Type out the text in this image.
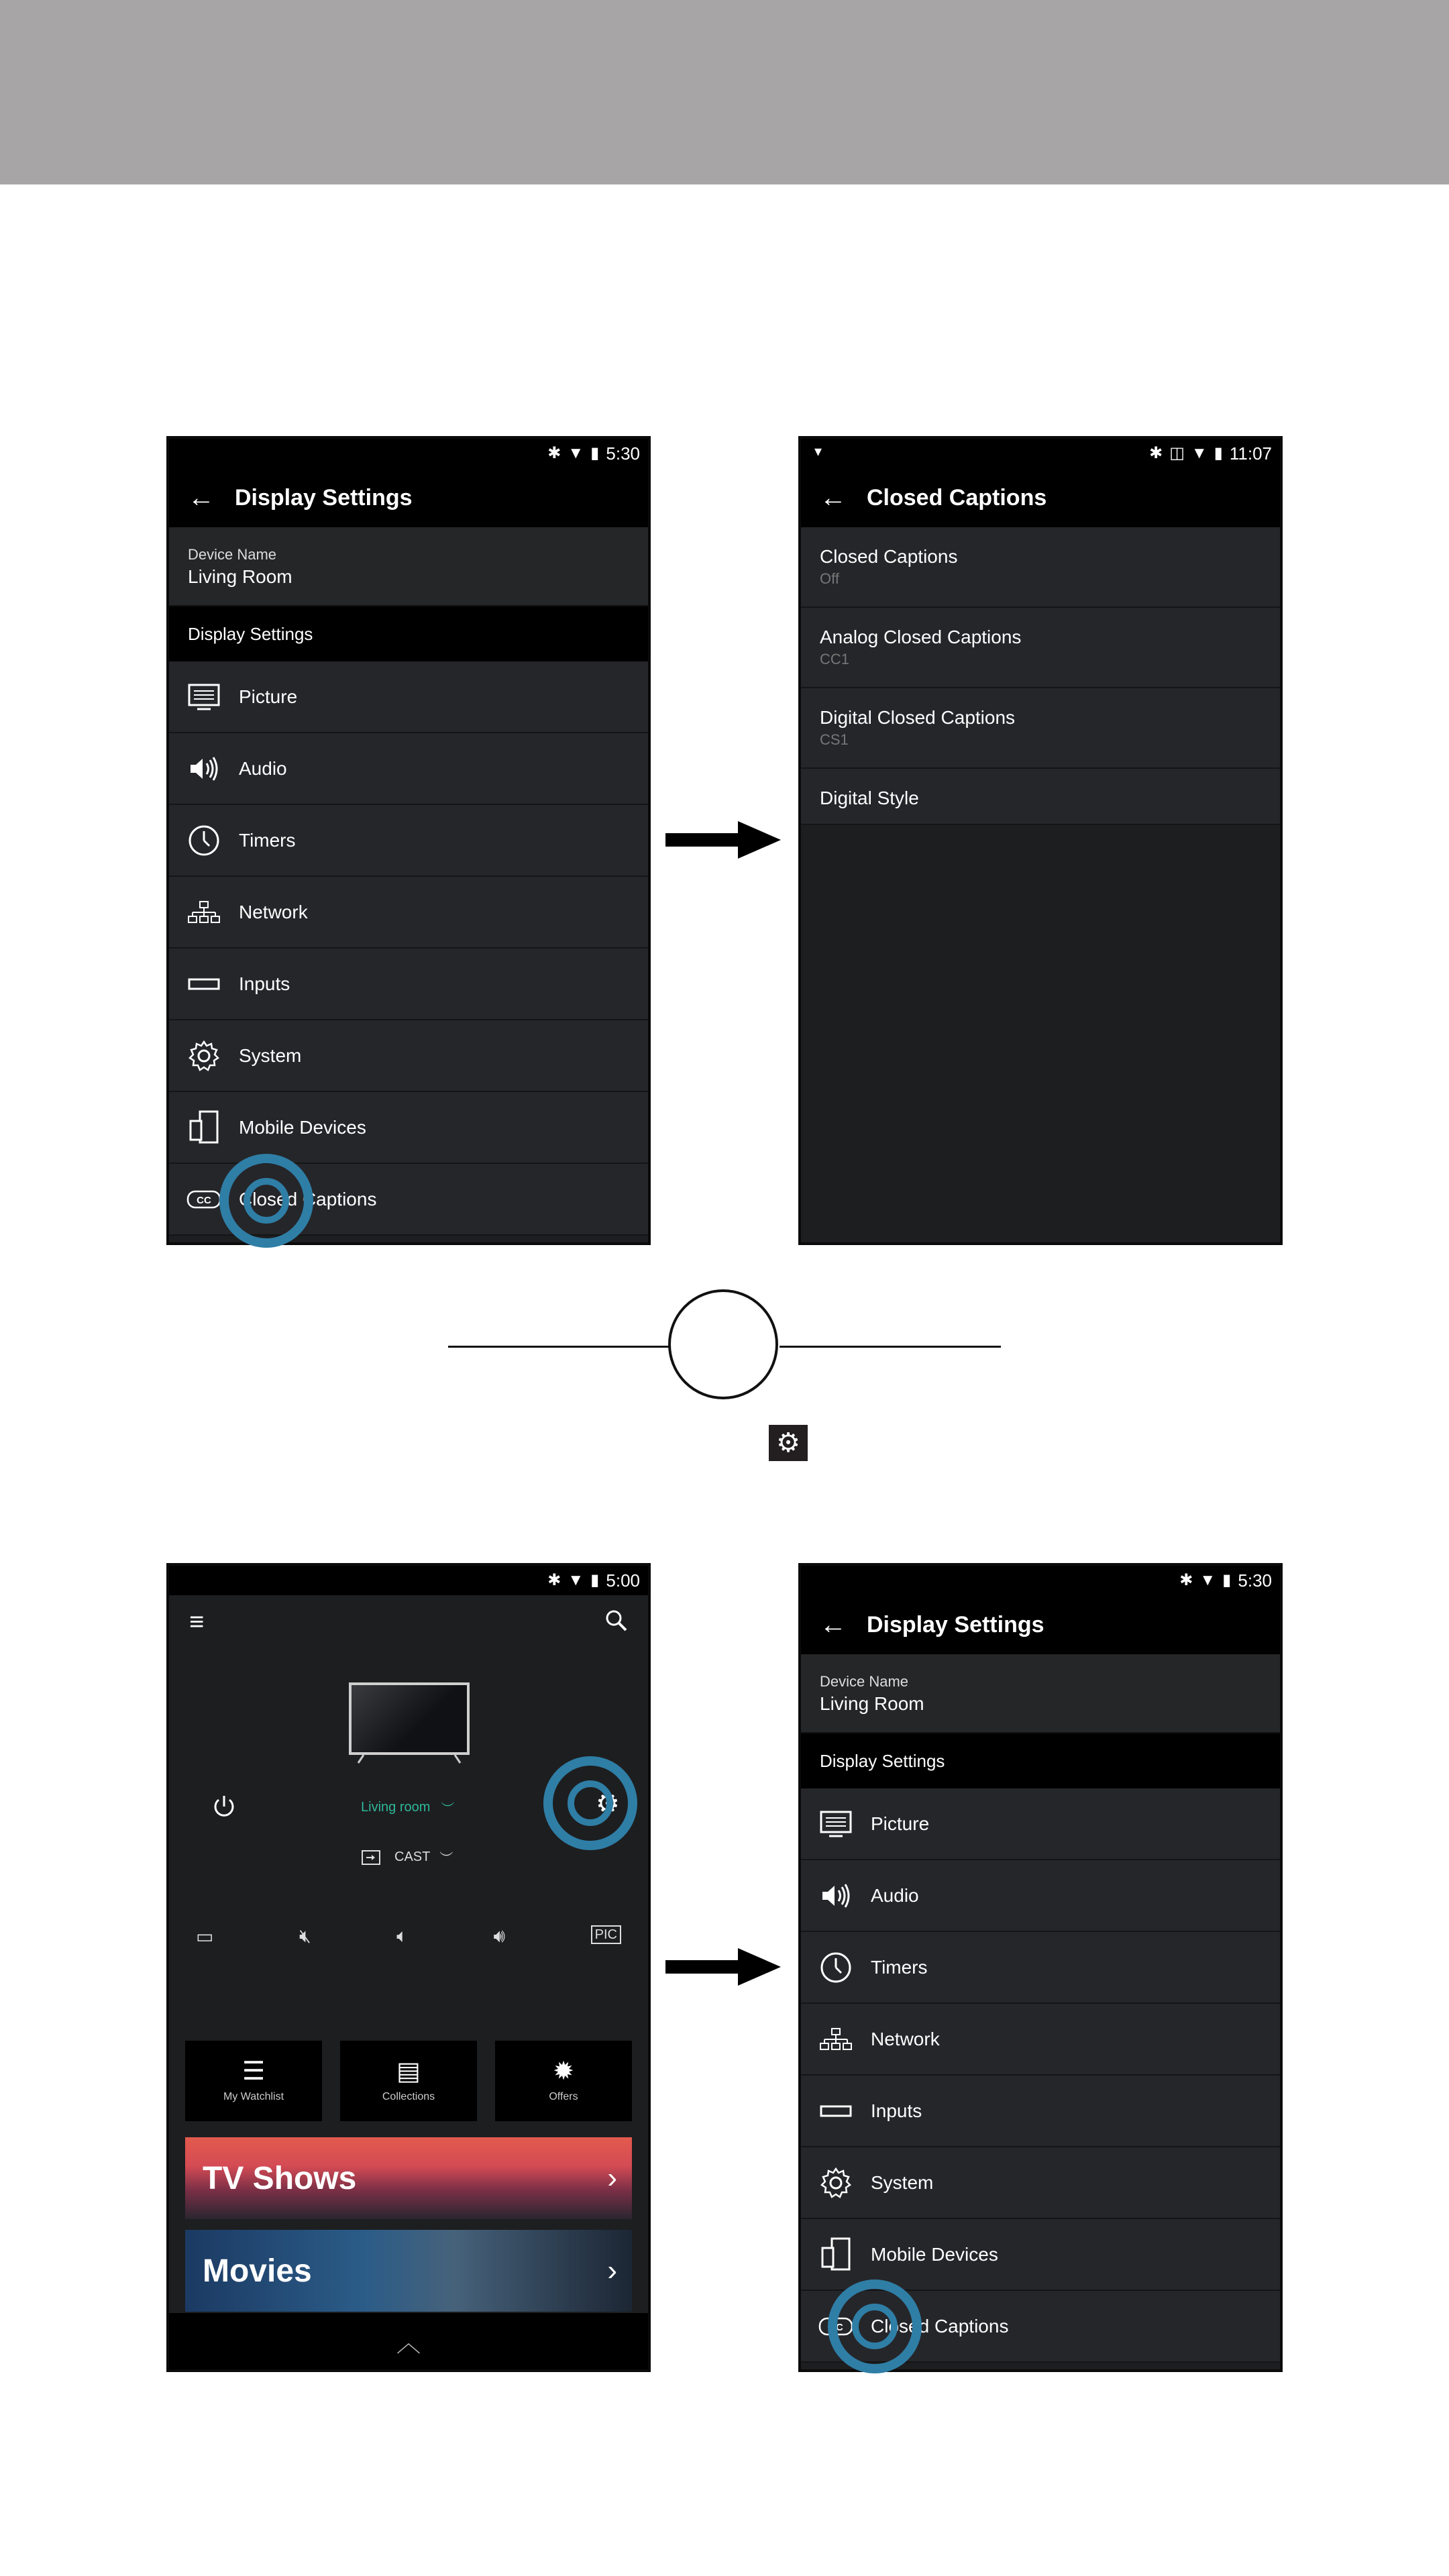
✱ ▼ ▮ 5:30
← Display Settings
Device Name
Living Room
Display Settings
Picture
Audio
Timers
Network
Inputs
System
Mobile Devices
CC Closed Captions
▾	✱ ◫ ▼ ▮ 11:07
← Closed Captions
Closed Captions
Off
Analog Closed Captions
CC1
Digital Closed Captions
CS1
Digital Style
⚙
✱ ▼ ▮ 5:00
≡
Living room ︶
CAST ︶
⚙
▭	🔇︎	🔈︎	🔊︎	PIC
☰
My Watchlist
▤
Collections
✹
Offers
TV Shows	›
Movies	›
︿
✱ ▼ ▮ 5:30
← Display Settings
Device Name
Living Room
Display Settings
Picture
Audio
Timers
Network
Inputs
System
Mobile Devices
CC Closed Captions
